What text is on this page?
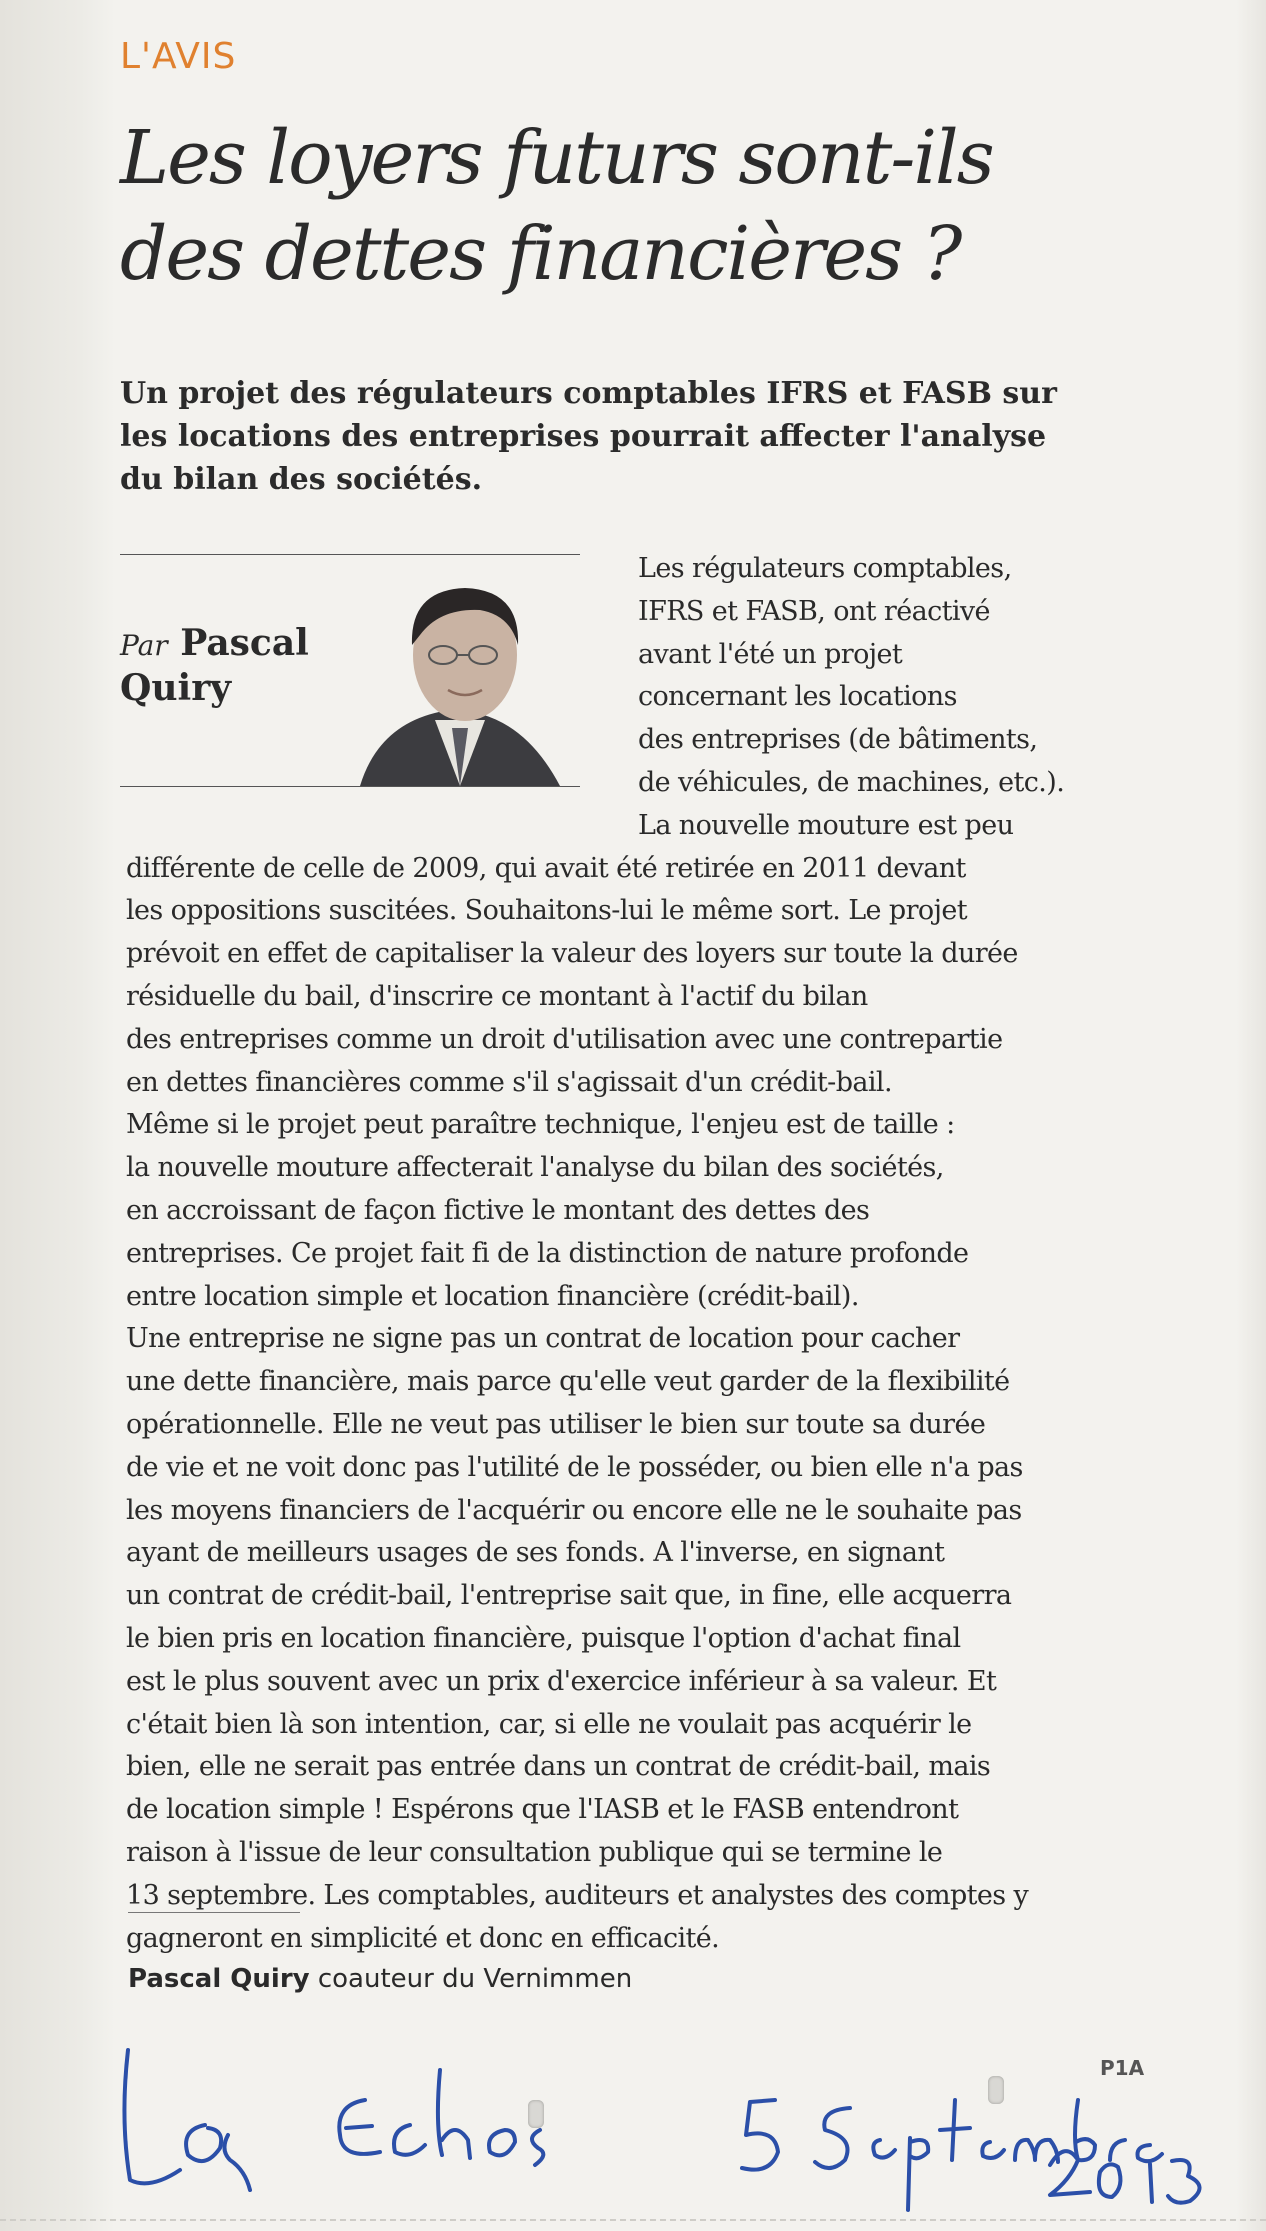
L'AVIS
Les loyers futurs sont-ils des dettes financières ?
Un projet des régulateurs comptables IFRS et FASB sur les locations des entreprises pourrait affecter l'analyse du bilan des sociétés.
Par Pascal
Quiry
Les régulateurs comptables,
IFRS et FASB, ont réactivé
avant l'été un projet
concernant les locations
des entreprises (de bâtiments,
de véhicules, de machines, etc.).
La nouvelle mouture est peu
différente de celle de 2009, qui avait été retirée en 2011 devant
les oppositions suscitées. Souhaitons-lui le même sort. Le projet
prévoit en effet de capitaliser la valeur des loyers sur toute la durée
résiduelle du bail, d'inscrire ce montant à l'actif du bilan
des entreprises comme un droit d'utilisation avec une contrepartie
en dettes financières comme s'il s'agissait d'un crédit-bail.
Même si le projet peut paraître technique, l'enjeu est de taille :
la nouvelle mouture affecterait l'analyse du bilan des sociétés,
en accroissant de façon fictive le montant des dettes des
entreprises. Ce projet fait fi de la distinction de nature profonde
entre location simple et location financière (crédit-bail).
Une entreprise ne signe pas un contrat de location pour cacher
une dette financière, mais parce qu'elle veut garder de la flexibilité
opérationnelle. Elle ne veut pas utiliser le bien sur toute sa durée
de vie et ne voit donc pas l'utilité de le posséder, ou bien elle n'a pas
les moyens financiers de l'acquérir ou encore elle ne le souhaite pas
ayant de meilleurs usages de ses fonds. A l'inverse, en signant
un contrat de crédit-bail, l'entreprise sait que, in fine, elle acquerra
le bien pris en location financière, puisque l'option d'achat final
est le plus souvent avec un prix d'exercice inférieur à sa valeur. Et
c'était bien là son intention, car, si elle ne voulait pas acquérir le
bien, elle ne serait pas entrée dans un contrat de crédit-bail, mais
de location simple ! Espérons que l'IASB et le FASB entendront
raison à l'issue de leur consultation publique qui se termine le
13 septembre. Les comptables, auditeurs et analystes des comptes y
gagneront en simplicité et donc en efficacité.
Pascal Quiry coauteur du Vernimmen
P1A
